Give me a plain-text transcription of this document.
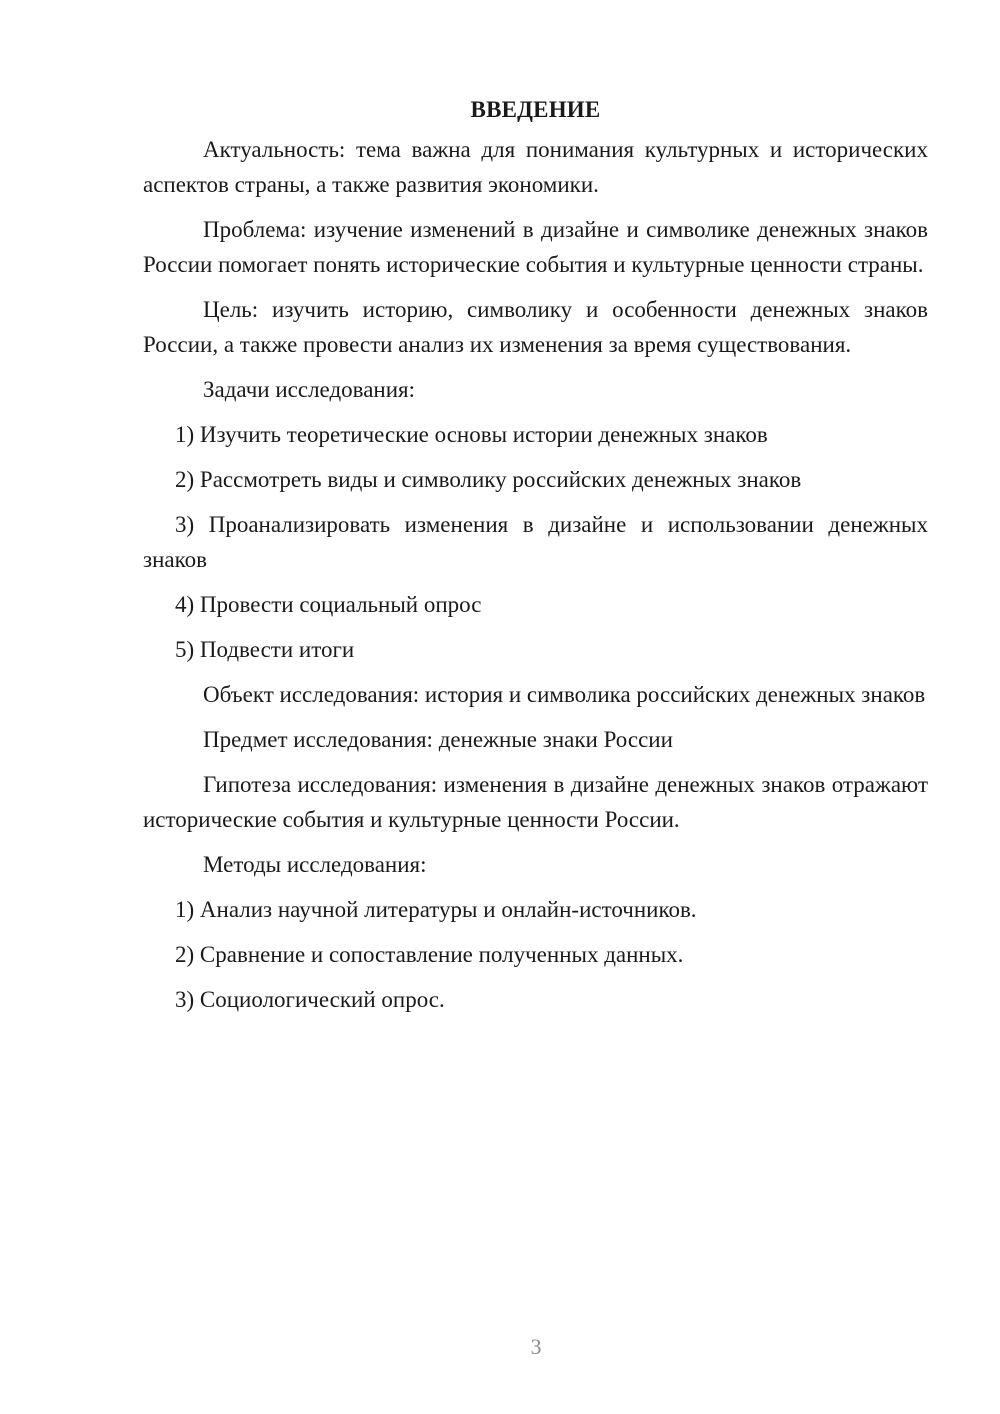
ВВЕДЕНИЕ

Актуальность: тема важна для понимания культурных и исторических аспектов страны, а также развития экономики.

Проблема: изучение изменений в дизайне и символике денежных знаков России помогает понять исторические события и культурные ценности страны.

Цель: изучить историю, символику и особенности денежных знаков России, а также провести анализ их изменения за время существования.

Задачи исследования:

1) Изучить теоретические основы истории денежных знаков

2) Рассмотреть виды и символику российских денежных знаков

3) Проанализировать изменения в дизайне и использовании денежных знаков

4) Провести социальный опрос

5) Подвести итоги

Объект исследования: история и символика российских денежных знаков

Предмет исследования: денежные знаки России

Гипотеза исследования: изменения в дизайне денежных знаков отражают исторические события и культурные ценности России.

Методы исследования:

1) Анализ научной литературы и онлайн-источников.

2) Сравнение и сопоставление полученных данных.

3) Социологический опрос.

3
